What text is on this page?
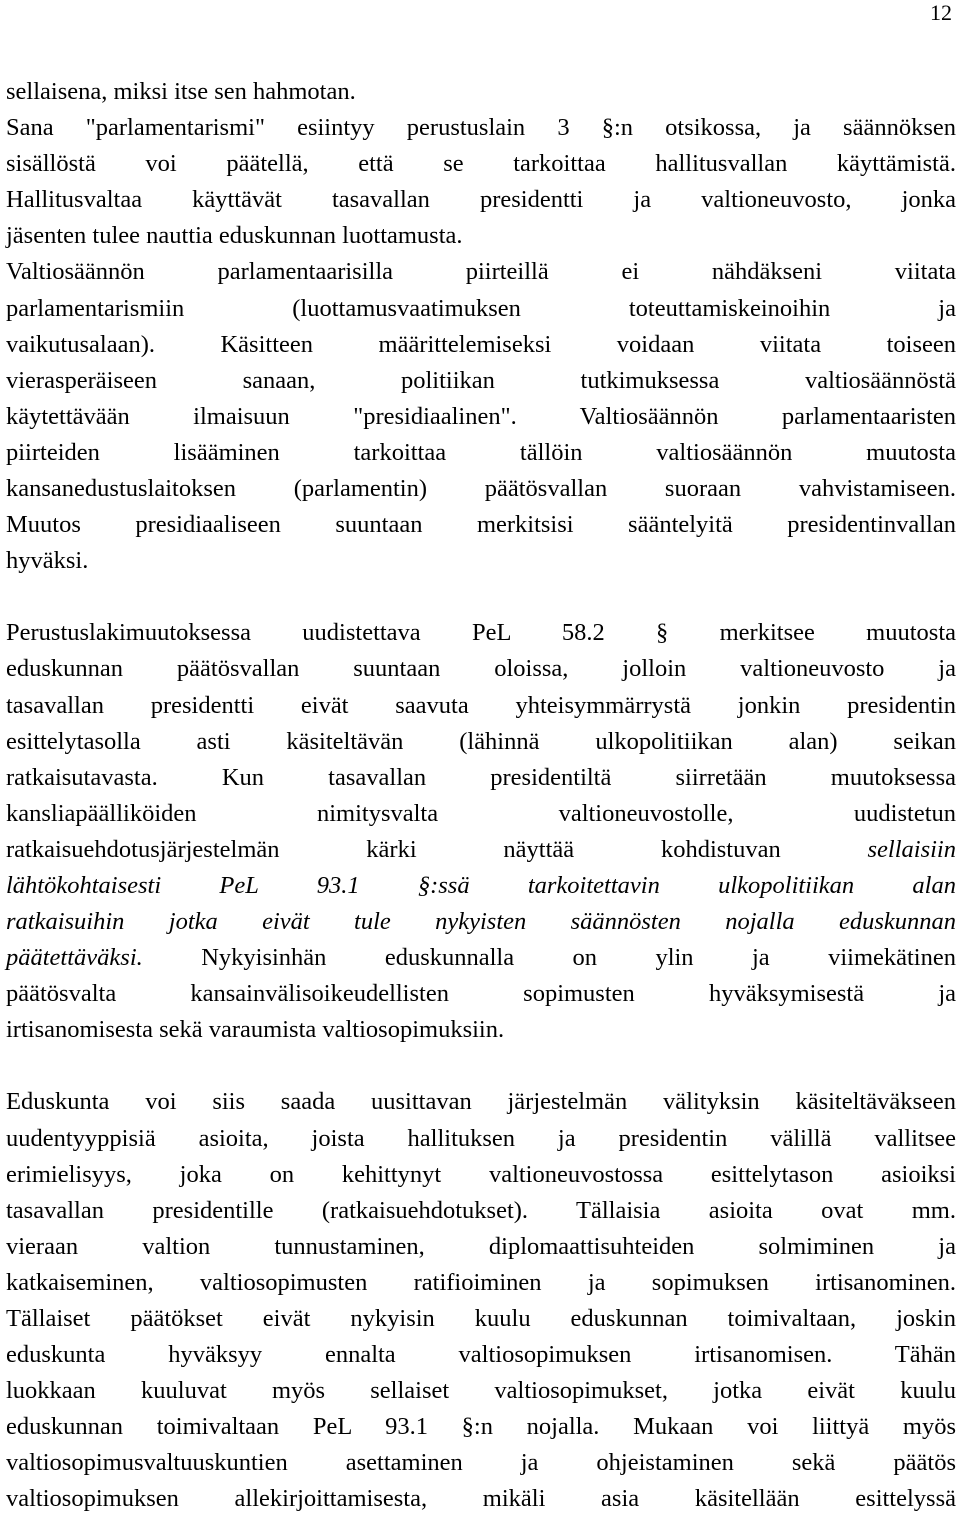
12

sellaisena, miksi itse sen hahmotan.

Sana "parlamentarismi" esiintyy perustuslain 3 §:n otsikossa, ja säännöksen
sisällöstä voi päätellä, että se tarkoittaa hallitusvallan käyttämistä.
Hallitusvaltaa käyttävät tasavallan presidentti ja valtioneuvosto, jonka
jäsenten tulee nauttia eduskunnan luottamusta.

Valtiosäännön parlamentaarisilla piirteillä ei nähdäkseni viitata
parlamentarismiin (luottamusvaatimuksen toteuttamiskeinoihin ja
vaikutusalaan). Käsitteen määrittelemiseksi voidaan viitata toiseen
vierasperäiseen sanaan, politiikan tutkimuksessa valtiosäännöstä
käytettävään ilmaisuun "presidiaalinen". Valtiosäännön parlamentaaristen
piirteiden lisääminen tarkoittaa tällöin valtiosäännön muutosta
kansanedustuslaitoksen (parlamentin) päätösvallan suoraan vahvistamiseen.
Muutos presidiaaliseen suuntaan merkitsisi sääntelyitä presidentinvallan
hyväksi.

Perustuslakimuutoksessa uudistettava PeL 58.2 § merkitsee muutosta
eduskunnan päätösvallan suuntaan oloissa, jolloin valtioneuvosto ja
tasavallan presidentti eivät saavuta yhteisymmärrystä jonkin presidentin
esittelytasolla asti käsiteltävän (lähinnä ulkopolitiikan alan) seikan
ratkaisutavasta. Kun tasavallan presidentiltä siirretään muutoksessa
kansliapäälliköiden nimitysvalta valtioneuvostolle, uudistetun
ratkaisuehdotusjärjestelmän kärki näyttää kohdistuvan sellaisiin
lähtökohtaisesti PeL 93.1 §:ssä tarkoitettavin ulkopolitiikan alan
ratkaisuihin jotka eivät tule nykyisten säännösten nojalla eduskunnan
päätettäväksi. Nykyisinhän eduskunnalla on ylin ja viimekätinen
päätösvalta kansainvälisoikeudellisten sopimusten hyväksymisestä ja
irtisanomisesta sekä varaumista valtiosopimuksiin.

Eduskunta voi siis saada uusittavan järjestelmän välityksin käsiteltäväkseen
uudentyyppisiä asioita, joista hallituksen ja presidentin välillä vallitsee
erimielisyys, joka on kehittynyt valtioneuvostossa esittelytason asioiksi
tasavallan presidentille (ratkaisuehdotukset). Tällaisia asioita ovat mm.
vieraan valtion tunnustaminen, diplomaattisuhteiden solmiminen ja
katkaiseminen, valtiosopimusten ratifioiminen ja sopimuksen irtisanominen.
Tällaiset päätökset eivät nykyisin kuulu eduskunnan toimivaltaan, joskin
eduskunta hyväksyy ennalta valtiosopimuksen irtisanomisen. Tähän
luokkaan kuuluvat myös sellaiset valtiosopimukset, jotka eivät kuulu
eduskunnan toimivaltaan PeL 93.1 §:n nojalla. Mukaan voi liittyä myös
valtiosopimusvaltuuskuntien asettaminen ja ohjeistaminen sekä päätös
valtiosopimuksen allekirjoittamisesta, mikäli asia käsitellään esittelyssä
